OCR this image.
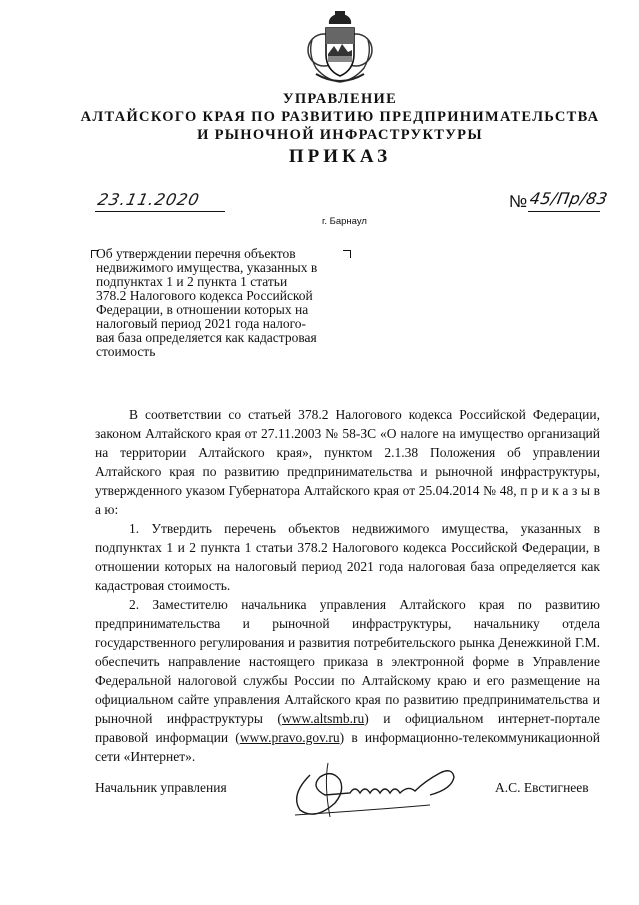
УПРАВЛЕНИЕ
АЛТАЙСКОГО КРАЯ ПО РАЗВИТИЮ ПРЕДПРИНИМАТЕЛЬСТВА
И РЫНОЧНОЙ ИНФРАСТРУКТУРЫ
ПРИКАЗ
23.11.2020	№ 45/Пр/83
г. Барнаул
Об утверждении перечня объектов
недвижимого имущества, указанных в
подпунктах 1 и 2 пункта 1 статьи
378.2 Налогового кодекса Российской
Федерации, в отношении которых на
налоговый период 2021 года налого-
вая база определяется как кадастровая
стоимость

В соответствии со статьей 378.2 Налогового кодекса Российской Федерации, законом Алтайского края от 27.11.2003 № 58-ЗС «О налоге на имущество организаций на территории Алтайского края», пунктом 2.1.38 Положения об управлении Алтайского края по развитию предпринимательства и рыночной инфраструктуры, утвержденного указом Губернатора Алтайского края от 25.04.2014 № 48, п р и к а з ы в а ю:

1. Утвердить перечень объектов недвижимого имущества, указанных в подпунктах 1 и 2 пункта 1 статьи 378.2 Налогового кодекса Российской Федерации, в отношении которых на налоговый период 2021 года налоговая база определяется как кадастровая стоимость.

2. Заместителю начальника управления Алтайского края по развитию предпринимательства и рыночной инфраструктуры, начальнику отдела государственного регулирования и развития потребительского рынка Денежкиной Г.М. обеспечить направление настоящего приказа в электронной форме в Управление Федеральной налоговой службы России по Алтайскому краю и его размещение на официальном сайте управления Алтайского края по развитию предпринимательства и рыночной инфраструктуры (www.altsmb.ru) и официальном интернет-портале правовой информации (www.pravo.gov.ru) в информационно-телекоммуникационной сети «Интернет».

Начальник управления	А.С. Евстигнеев
